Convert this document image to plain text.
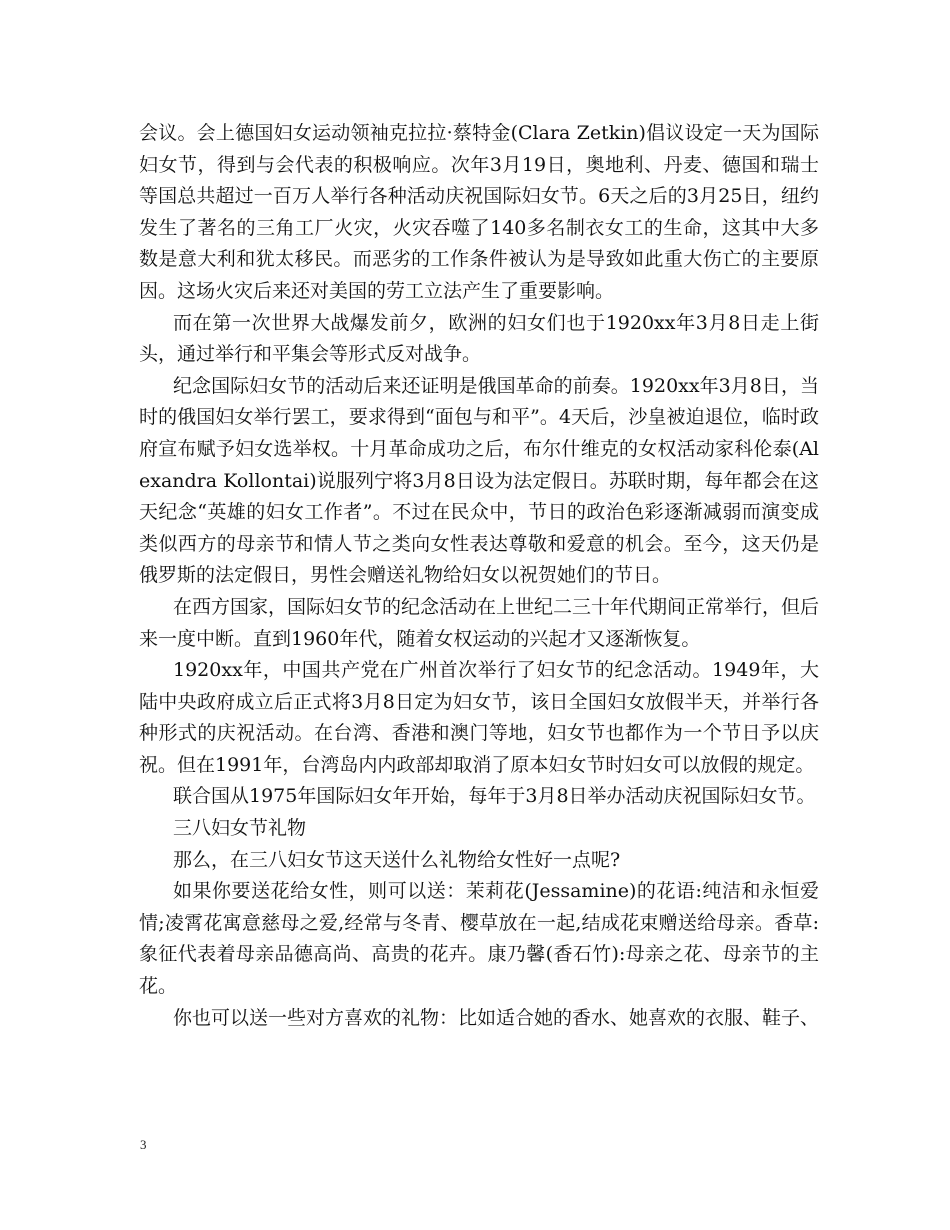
会议。会上德国妇女运动领袖克拉拉·蔡特金(Clara Zetkin)倡议设定一天为国际妇女节，得到与会代表的积极响应。次年3月19日，奥地利、丹麦、德国和瑞士等国总共超过一百万人举行各种活动庆祝国际妇女节。6天之后的3月25日，纽约发生了著名的三角工厂火灾，火灾吞噬了140多名制衣女工的生命，这其中大多数是意大利和犹太移民。而恶劣的工作条件被认为是导致如此重大伤亡的主要原因。这场火灾后来还对美国的劳工立法产生了重要影响。

而在第一次世界大战爆发前夕，欧洲的妇女们也于1920xx年3月8日走上街头，通过举行和平集会等形式反对战争。

纪念国际妇女节的活动后来还证明是俄国革命的前奏。1920xx年3月8日，当时的俄国妇女举行罢工，要求得到“面包与和平”。4天后，沙皇被迫退位，临时政府宣布赋予妇女选举权。十月革命成功之后，布尔什维克的女权活动家科伦泰(Alexandra Kollontai)说服列宁将3月8日设为法定假日。苏联时期，每年都会在这天纪念“英雄的妇女工作者”。不过在民众中，节日的政治色彩逐渐减弱而演变成类似西方的母亲节和情人节之类向女性表达尊敬和爱意的机会。至今，这天仍是俄罗斯的法定假日，男性会赠送礼物给妇女以祝贺她们的节日。

在西方国家，国际妇女节的纪念活动在上世纪二三十年代期间正常举行，但后来一度中断。直到1960年代，随着女权运动的兴起才又逐渐恢复。

1920xx年，中国共产党在广州首次举行了妇女节的纪念活动。1949年，大陆中央政府成立后正式将3月8日定为妇女节，该日全国妇女放假半天，并举行各种形式的庆祝活动。在台湾、香港和澳门等地，妇女节也都作为一个节日予以庆祝。但在1991年，台湾岛内内政部却取消了原本妇女节时妇女可以放假的规定。

联合国从1975年国际妇女年开始，每年于3月8日举办活动庆祝国际妇女节。

三八妇女节礼物

那么，在三八妇女节这天送什么礼物给女性好一点呢?

如果你要送花给女性，则可以送：茉莉花(Jessamine)的花语:纯洁和永恒爱情;凌霄花寓意慈母之爱,经常与冬青、樱草放在一起,结成花束赠送给母亲。香草:象征代表着母亲品德高尚、高贵的花卉。康乃馨(香石竹):母亲之花、母亲节的主花。

你也可以送一些对方喜欢的礼物：比如适合她的香水、她喜欢的衣服、鞋子、

3
